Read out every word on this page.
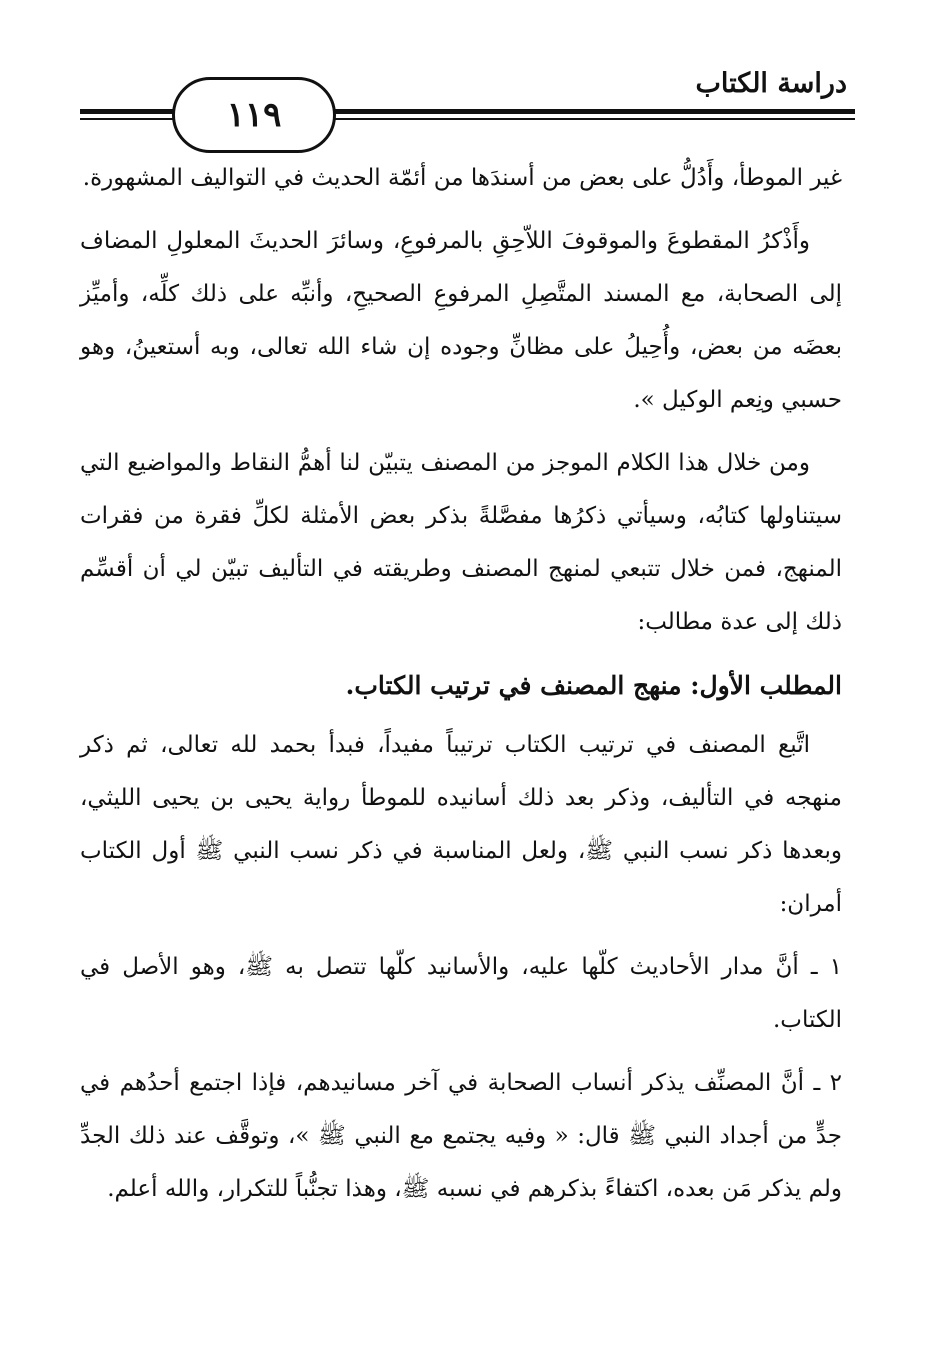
دراسة الكتاب
١١٩

غير الموطأ، وأَدُلُّ على بعض من أسندَها من أئمّة الحديث في التواليف المشهورة.

وأَذْكرُ المقطوعَ والموقوفَ اللاّحِقِ بالمرفوعِ، وسائرَ الحديثَ المعلولِ المضاف إلى الصحابة، مع المسند المتَّصِلِ المرفوعِ الصحيحِ، وأنبِّه على ذلك كلِّه، وأميِّز بعضَه من بعض، وأُحِيلُ على مظانِّ وجوده إن شاء الله تعالى، وبه أستعينُ، وهو حسبي ونِعم الوكيل ».

ومن خلال هذا الكلام الموجز من المصنف يتبيّن لنا أهمُّ النقاط والمواضيع التي سيتناولها كتابُه، وسيأتي ذكرُها مفصَّلةً بذكر بعض الأمثلة لكلِّ فقرة من فقرات المنهج، فمن خلال تتبعي لمنهج المصنف وطريقته في التأليف تبيّن لي أن أقسِّم ذلك إلى عدة مطالب:

المطلب الأول: منهج المصنف في ترتيب الكتاب.

اتَّبع المصنف في ترتيب الكتاب ترتيباً مفيداً، فبدأ بحمد لله تعالى، ثم ذكر منهجه في التأليف، وذكر بعد ذلك أسانيده للموطأ رواية يحيى بن يحيى الليثي، وبعدها ذكر نسب النبي ﷺ، ولعل المناسبة في ذكر نسب النبي ﷺ أول الكتاب أمران:

١ ـ أنَّ مدار الأحاديث كلّها عليه، والأسانيد كلّها تتصل به ﷺ، وهو الأصل في الكتاب.

٢ ـ أنَّ المصنِّف يذكر أنساب الصحابة في آخر مسانيدهم، فإذا اجتمع أحدُهم في جدٍّ من أجداد النبي ﷺ قال: « وفيه يجتمع مع النبي ﷺ »، وتوقَّف عند ذلك الجدِّ ولم يذكر مَن بعده، اكتفاءً بذكرهم في نسبه ﷺ، وهذا تجنُّباً للتكرار، والله أعلم.
